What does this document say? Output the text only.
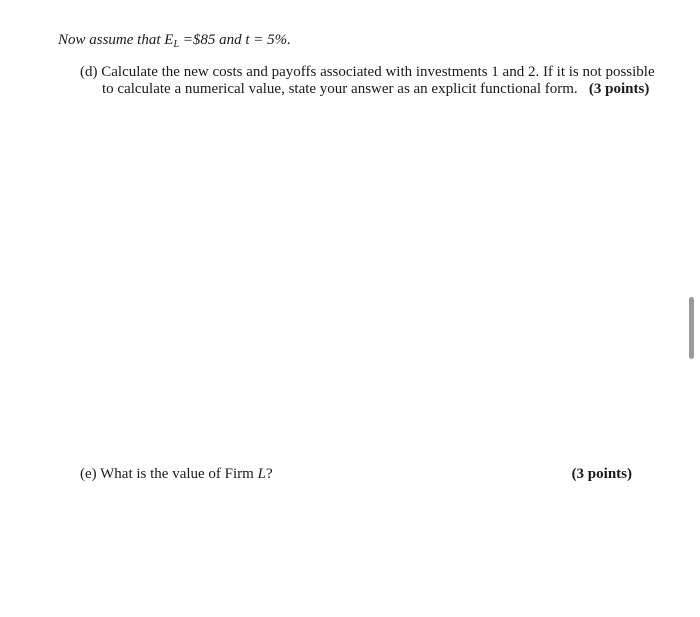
Now assume that $E_L$ =$85 and t = 5%.
(d) Calculate the new costs and payoffs associated with investments 1 and 2. If it is not possible
to calculate a numerical value, state your answer as an explicit functional form. (3 points)
(e) What is the value of Firm L?	(3 points)
